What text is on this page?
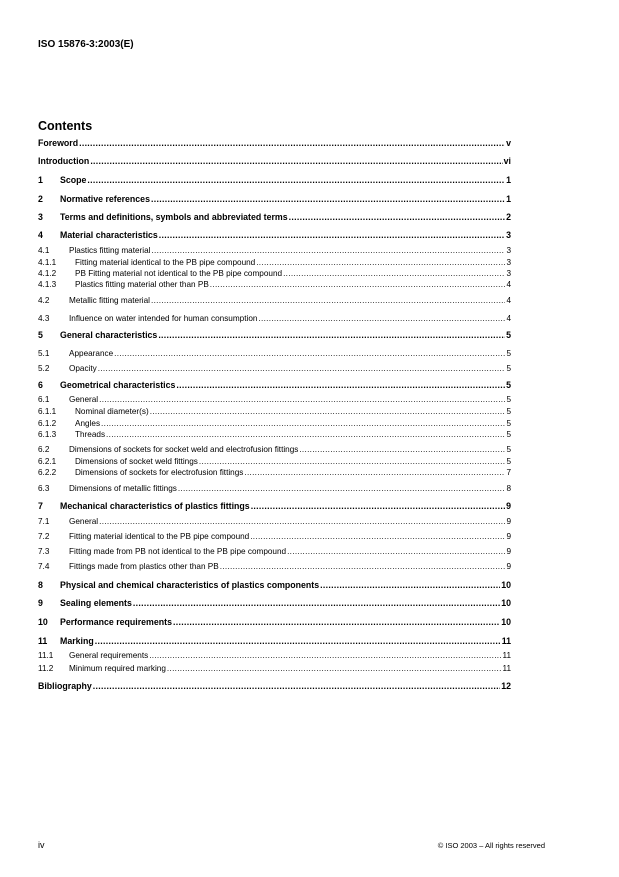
ISO 15876-3:2003(E)
Contents
Foreword .....	v
Introduction .....	vi
1	Scope .....	1
2	Normative references .....	1
3	Terms and definitions, symbols and abbreviated terms .....	2
4	Material characteristics .....	3
4.1	Plastics fitting material .....	3
4.1.1	Fitting material identical to the PB pipe compound .....	3
4.1.2	PB Fitting material not identical to the PB pipe compound .....	3
4.1.3	Plastics fitting material other than PB .....	4
4.2	Metallic fitting material .....	4
4.3	Influence on water intended for human consumption .....	4
5	General characteristics .....	5
5.1	Appearance .....	5
5.2	Opacity .....	5
6	Geometrical characteristics .....	5
6.1	General .....	5
6.1.1	Nominal diameter(s) .....	5
6.1.2	Angles .....	5
6.1.3	Threads .....	5
6.2	Dimensions of sockets for socket weld and electrofusion fittings .....	5
6.2.1	Dimensions of socket weld fittings .....	5
6.2.2	Dimensions of sockets for electrofusion fittings .....	7
6.3	Dimensions of metallic fittings .....	8
7	Mechanical characteristics of plastics fittings .....	9
7.1	General .....	9
7.2	Fitting material identical to the PB pipe compound .....	9
7.3	Fitting made from PB not identical to the PB pipe compound .....	9
7.4	Fittings made from plastics other than PB .....	9
8	Physical and chemical characteristics of plastics components .....	10
9	Sealing elements .....	10
10	Performance requirements .....	10
11	Marking .....	11
11.1	General requirements .....	11
11.2	Minimum required marking .....	11
Bibliography .....	12
iv	© ISO 2003 – All rights reserved
